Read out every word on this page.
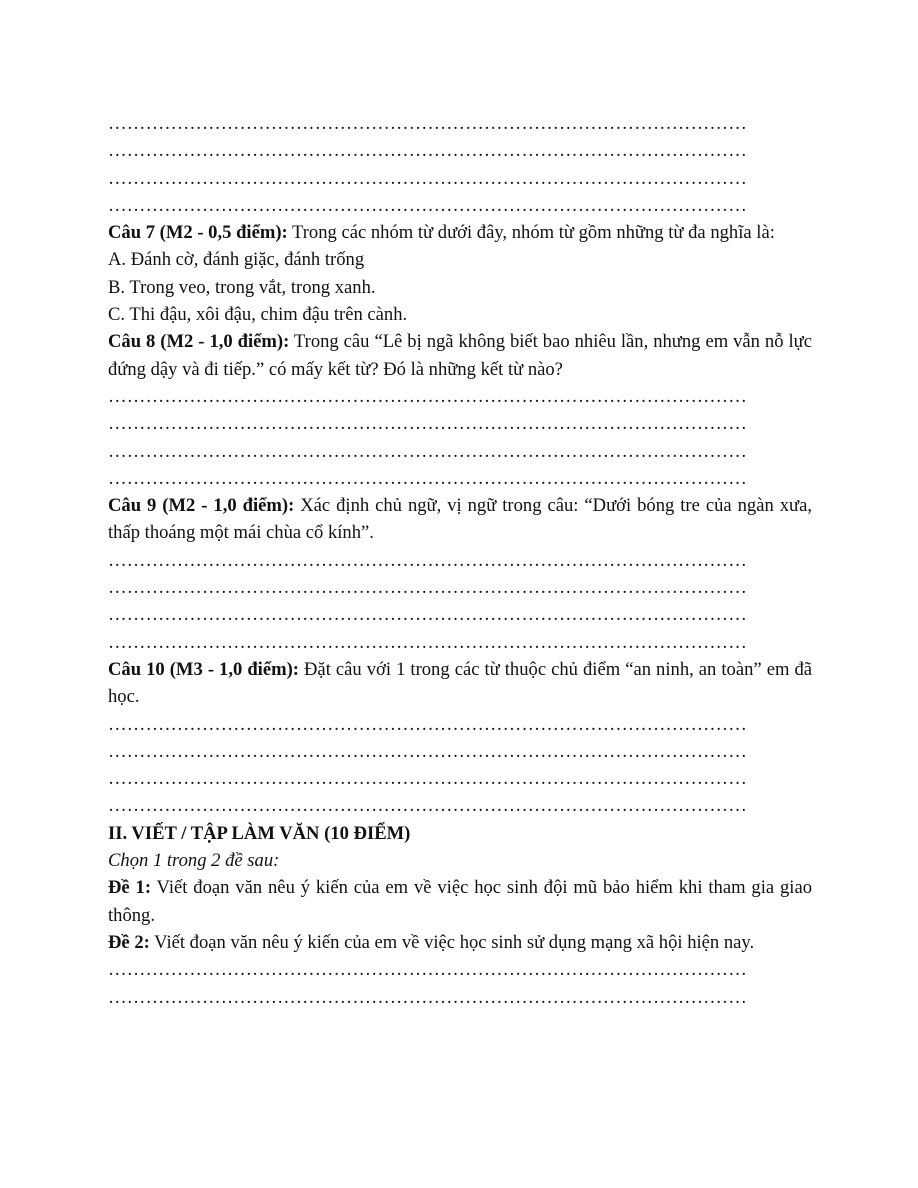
…………………………………………………………………………………………

…………………………………………………………………………………………

…………………………………………………………………………………………

…………………………………………………………………………………………

Câu 7 (M2 - 0,5 điểm): Trong các nhóm từ dưới đây, nhóm từ gồm những từ đa nghĩa là:

A. Đánh cờ, đánh giặc, đánh trống

B. Trong veo, trong vắt, trong xanh.

C. Thi đậu, xôi đậu, chim đậu trên cành.

Câu 8 (M2 - 1,0 điểm): Trong câu “Lê bị ngã không biết bao nhiêu lần, nhưng em vẫn nỗ lực đứng dậy và đi tiếp.” có mấy kết từ? Đó là những kết từ nào?

…………………………………………………………………………………………

…………………………………………………………………………………………

…………………………………………………………………………………………

…………………………………………………………………………………………

Câu 9 (M2 - 1,0 điểm): Xác định chủ ngữ, vị ngữ trong câu: “Dưới bóng tre của ngàn xưa, thấp thoáng một mái chùa cổ kính”.

…………………………………………………………………………………………

…………………………………………………………………………………………

…………………………………………………………………………………………

…………………………………………………………………………………………

Câu 10 (M3 - 1,0 điểm): Đặt câu với 1 trong các từ thuộc chủ điểm “an ninh, an toàn” em đã học.

…………………………………………………………………………………………

…………………………………………………………………………………………

…………………………………………………………………………………………

…………………………………………………………………………………………

II. VIẾT / TẬP LÀM VĂN (10 ĐIỂM)

Chọn 1 trong 2 đề sau:

Đề 1: Viết đoạn văn nêu ý kiến của em về việc học sinh đội mũ bảo hiểm khi tham gia giao thông.

Đề 2: Viết đoạn văn nêu ý kiến của em về việc học sinh sử dụng mạng xã hội hiện nay.

…………………………………………………………………………………………

…………………………………………………………………………………………
